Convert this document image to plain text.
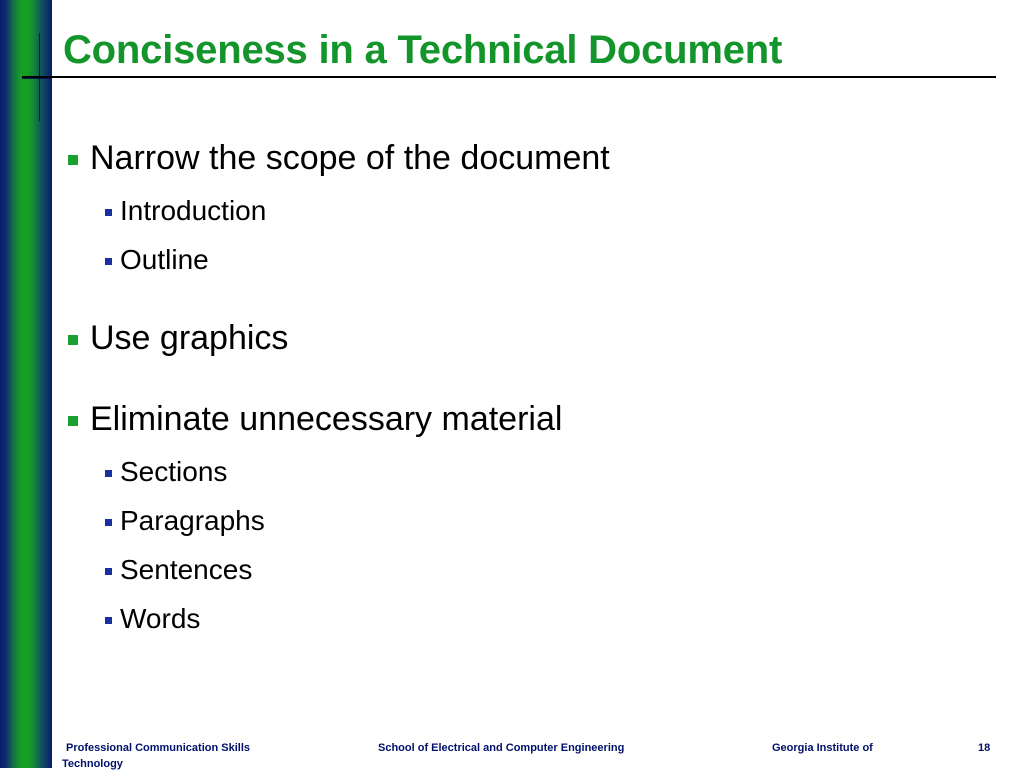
Conciseness in a Technical Document
Narrow the scope of the document
Introduction
Outline
Use graphics
Eliminate unnecessary material
Sections
Paragraphs
Sentences
Words
Professional Communication Skills	School of Electrical and Computer Engineering	Georgia Institute of
Technology
18
